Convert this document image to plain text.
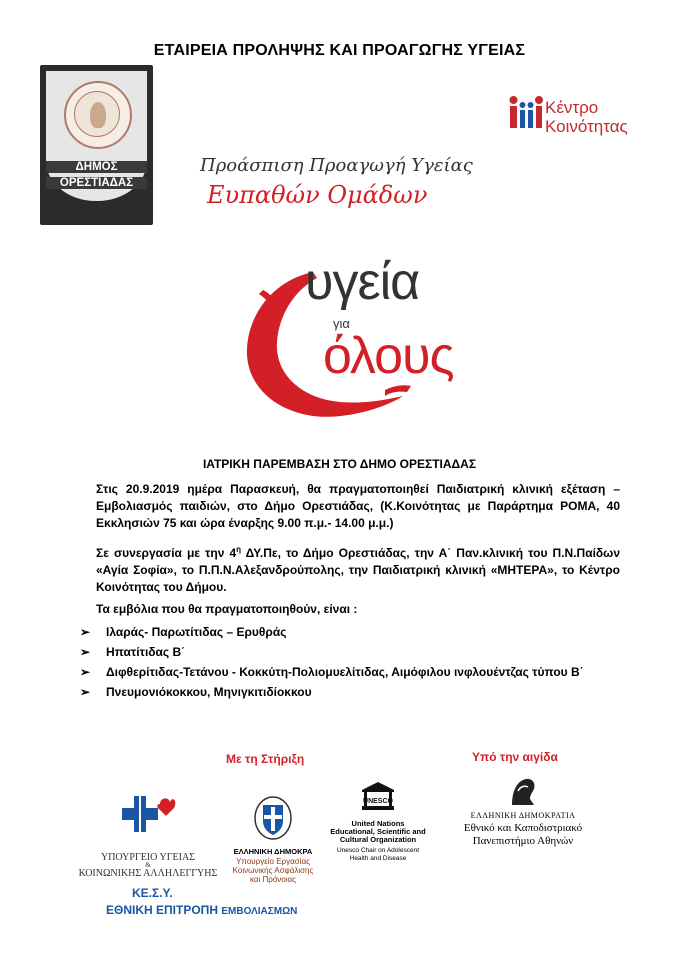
ΕΤΑΙΡΕΙΑ ΠΡΟΛΗΨΗΣ ΚΑΙ ΠΡΟΑΓΩΓΗΣ ΥΓΕΙΑΣ
ΔΗΜΟΣ
ΟΡΕΣΤΙΑΔΑΣ
Κέντρο
Κοινότητας
Προάσπιση Προαγωγή Υγείας
Ευπαθών Ομάδων
υγεία
για
όλους
ΙΑΤΡΙΚΗ ΠΑΡΕΜΒΑΣΗ ΣΤΟ ΔΗΜΟ ΟΡΕΣΤΙΑΔΑΣ
Στις 20.9.2019 ημέρα Παρασκευή, θα πραγματοποιηθεί Παιδιατρική κλινική εξέταση – Εμβολιασμός παιδιών, στο Δήμο Ορεστιάδας, (Κ.Κοινότητας με Παράρτημα ΡΟΜΑ, 40 Εκκλησιών 75 και ώρα έναρξης 9.00 π.μ.- 14.00 μ.μ.)
Σε συνεργασία με την $4^\eta$ ΔΥ.Πε, το Δήμο Ορεστιάδας, την Α΄ Παν.κλινική του Π.Ν.Παίδων «Αγία Σοφία», το Π.Π.Ν.Αλεξανδρούπολης, την Παιδιατρική κλινική «ΜΗΤΕΡΑ», το Κέντρο Κοινότητας του Δήμου.
Τα εμβόλια που θα πραγματοποιηθούν, είναι :
➢	Ιλαράς- Παρωτίτιδας – Ερυθράς
➢	Ηπατίτιδας Β΄
➢	Διφθερίτιδας-Τετάνου - Κοκκύτη-Πολιομυελίτιδας, Αιμόφιλου ινφλουέντζας τύπου Β΄
➢	Πνευμονιόκοκκου, Μηνιγκιτιδίοκκου
Με τη Στήριξη	Υπό την αιγίδα
ΥΠΟΥΡΓΕΙΟ ΥΓΕΙΑΣ
&
ΚΟΙΝΩΝΙΚΗΣ ΑΛΛΗΛΕΓΓΥΗΣ
ΚΕ.Σ.Υ.
ΕΘΝΙΚΗ ΕΠΙΤΡΟΠΗ ΕΜΒΟΛΙΑΣΜΩΝ
ΕΛΛΗΝΙΚΗ ΔΗΜΟΚΡΑ
Υπουργείο Εργασίας
Κοινωνικής Ασφάλισης
και Πρόνοιας
UNESCO
United Nations
Educational, Scientific and
Cultural Organization
Unesco Chair on Adolescent
Health and Disease
ΕΛΛΗΝΙΚΗ ΔΗΜΟΚΡΑΤΙΑ
Εθνικό και Καποδιστριακό
Πανεπιστήμιο Αθηνών
